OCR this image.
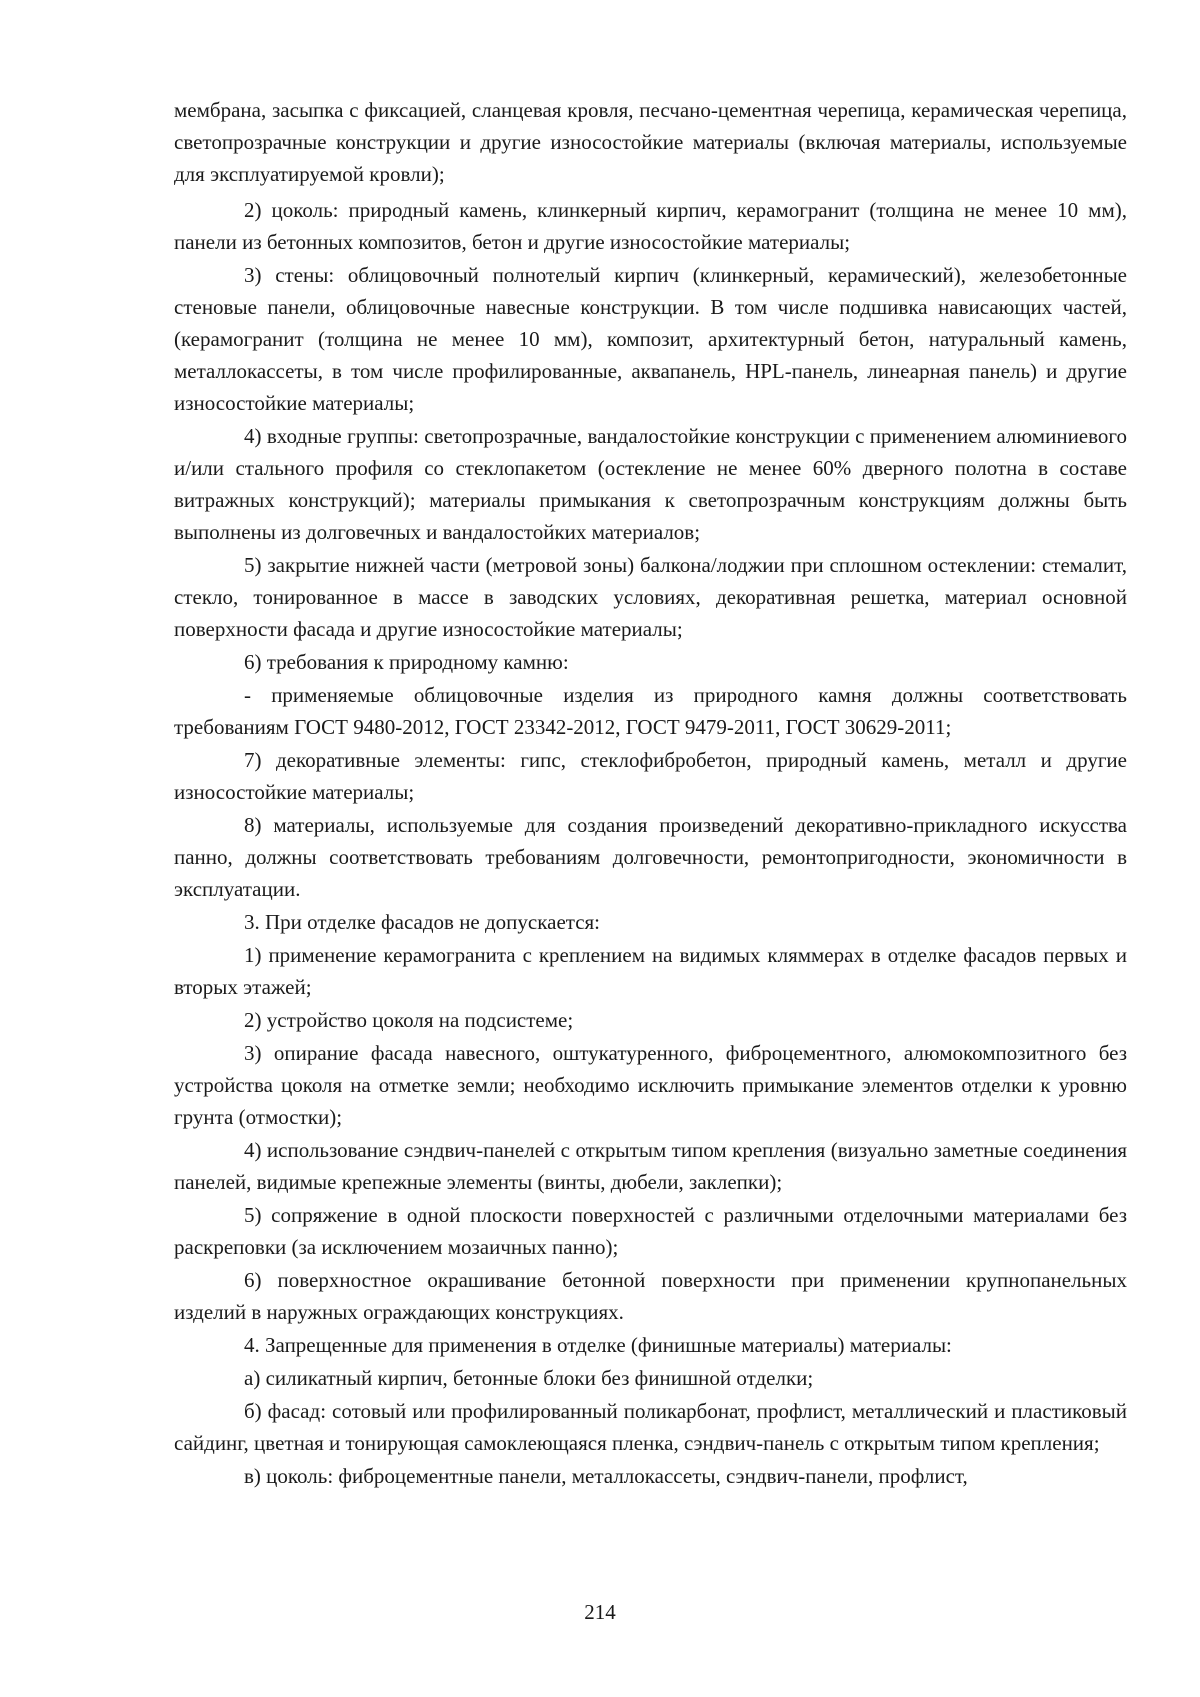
мембрана, засыпка с фиксацией, сланцевая кровля, песчано-цементная черепица, керамическая черепица, светопрозрачные конструкции и другие износостойкие материалы (включая материалы, используемые для эксплуатируемой кровли);

2) цоколь: природный камень, клинкерный кирпич, керамогранит (толщина не менее 10 мм), панели из бетонных композитов, бетон и другие износостойкие материалы;

3) стены: облицовочный полнотелый кирпич (клинкерный, керамический), железобетонные стеновые панели, облицовочные навесные конструкции. В том числе подшивка нависающих частей, (керамогранит (толщина не менее 10 мм), композит, архитектурный бетон, натуральный камень, металлокассеты, в том числе профилированные, аквапанель, HPL-панель, линеарная панель) и другие износостойкие материалы;

4) входные группы: светопрозрачные, вандалостойкие конструкции с применением алюминиевого и/или стального профиля со стеклопакетом (остекление не менее 60% дверного полотна в составе витражных конструкций); материалы примыкания к светопрозрачным конструкциям должны быть выполнены из долговечных и вандалостойких материалов;

5) закрытие нижней части (метровой зоны) балкона/лоджии при сплошном остеклении: стемалит, стекло, тонированное в массе в заводских условиях, декоративная решетка, материал основной поверхности фасада и другие износостойкие материалы;

6) требования к природному камню:

- применяемые облицовочные изделия из природного камня должны соответствовать требованиям ГОСТ 9480-2012, ГОСТ 23342-2012, ГОСТ 9479-2011, ГОСТ 30629-2011;

7) декоративные элементы: гипс, стеклофибробетон, природный камень, металл и другие износостойкие материалы;

8) материалы, используемые для создания произведений декоративно-прикладного искусства панно, должны соответствовать требованиям долговечности, ремонтопригодности, экономичности в эксплуатации.

3. При отделке фасадов не допускается:

1) применение керамогранита с креплением на видимых кляммерах в отделке фасадов первых и вторых этажей;

2) устройство цоколя на подсистеме;

3) опирание фасада навесного, оштукатуренного, фиброцементного, алюмокомпозитного без устройства цоколя на отметке земли; необходимо исключить примыкание элементов отделки к уровню грунта (отмостки);

4) использование сэндвич-панелей с открытым типом крепления (визуально заметные соединения панелей, видимые крепежные элементы (винты, дюбели, заклепки);

5) сопряжение в одной плоскости поверхностей с различными отделочными материалами без раскреповки (за исключением мозаичных панно);

6) поверхностное окрашивание бетонной поверхности при применении крупнопанельных изделий в наружных ограждающих конструкциях.

4. Запрещенные для применения в отделке (финишные материалы) материалы:

а) силикатный кирпич, бетонные блоки без финишной отделки;

б) фасад: сотовый или профилированный поликарбонат, профлист, металлический и пластиковый сайдинг, цветная и тонирующая самоклеющаяся пленка, сэндвич-панель с открытым типом крепления;

в) цоколь: фиброцементные панели, металлокассеты, сэндвич-панели, профлист,

214
